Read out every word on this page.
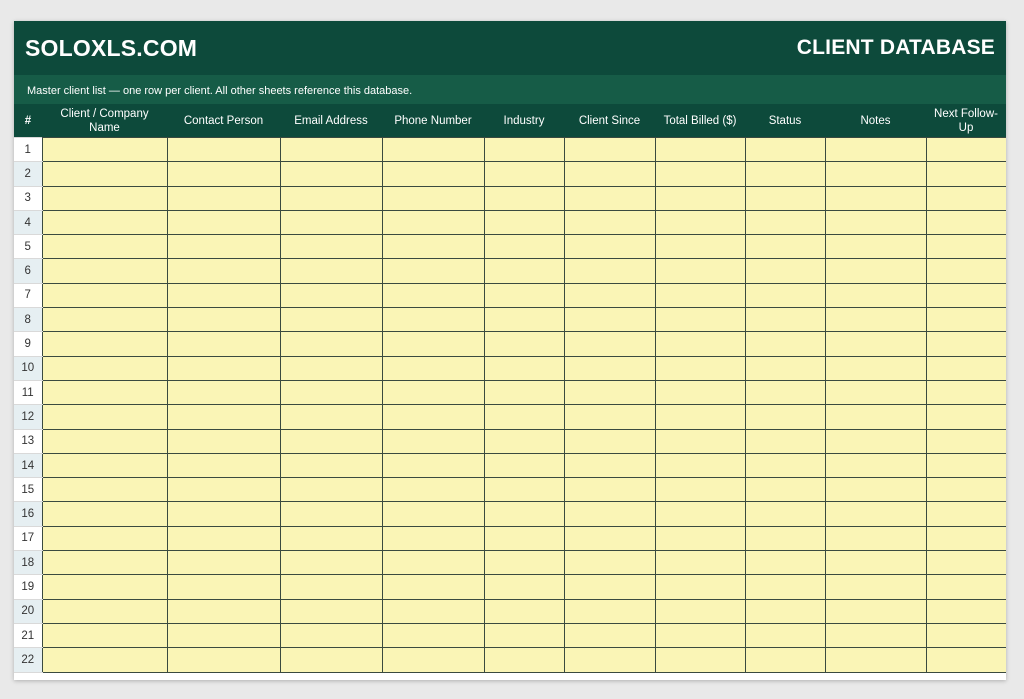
SOLOXLS.COM	CLIENT DATABASE
Master client list — one row per client. All other sheets reference this database.
#	Client / Company Name	Contact Person	Email Address	Phone Number	Industry	Client Since	Total Billed ($)	Status	Notes	Next Follow-Up
1										
2										
3										
4										
5										
6										
7										
8										
9										
10										
11										
12										
13										
14										
15										
16										
17										
18										
19										
20										
21										
22										
